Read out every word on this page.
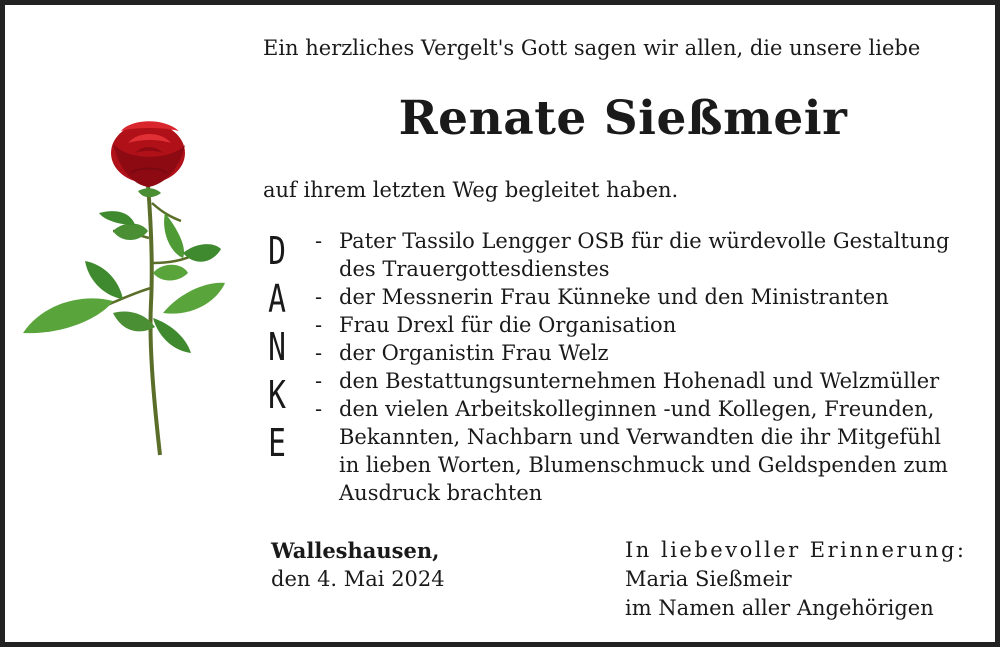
Ein herzliches Vergelt's Gott sagen wir allen, die unsere liebe
Renate Sießmeir
auf ihrem letzten Weg begleitet haben.
D
A
N
K
E
- Pater Tassilo Lengger OSB für die würdevolle Gestaltung
des Trauergottesdienstes
- der Messnerin Frau Künneke und den Ministranten
- Frau Drexl für die Organisation
- der Organistin Frau Welz
- den Bestattungsunternehmen Hohenadl und Welzmüller
- den vielen Arbeitskolleginnen -und Kollegen, Freunden,
Bekannten, Nachbarn und Verwandten die ihr Mitgefühl
in lieben Worten, Blumenschmuck und Geldspenden zum
Ausdruck brachten
Walleshausen,
den 4. Mai 2024
In liebevoller Erinnerung:
Maria Sießmeir
im Namen aller Angehörigen
